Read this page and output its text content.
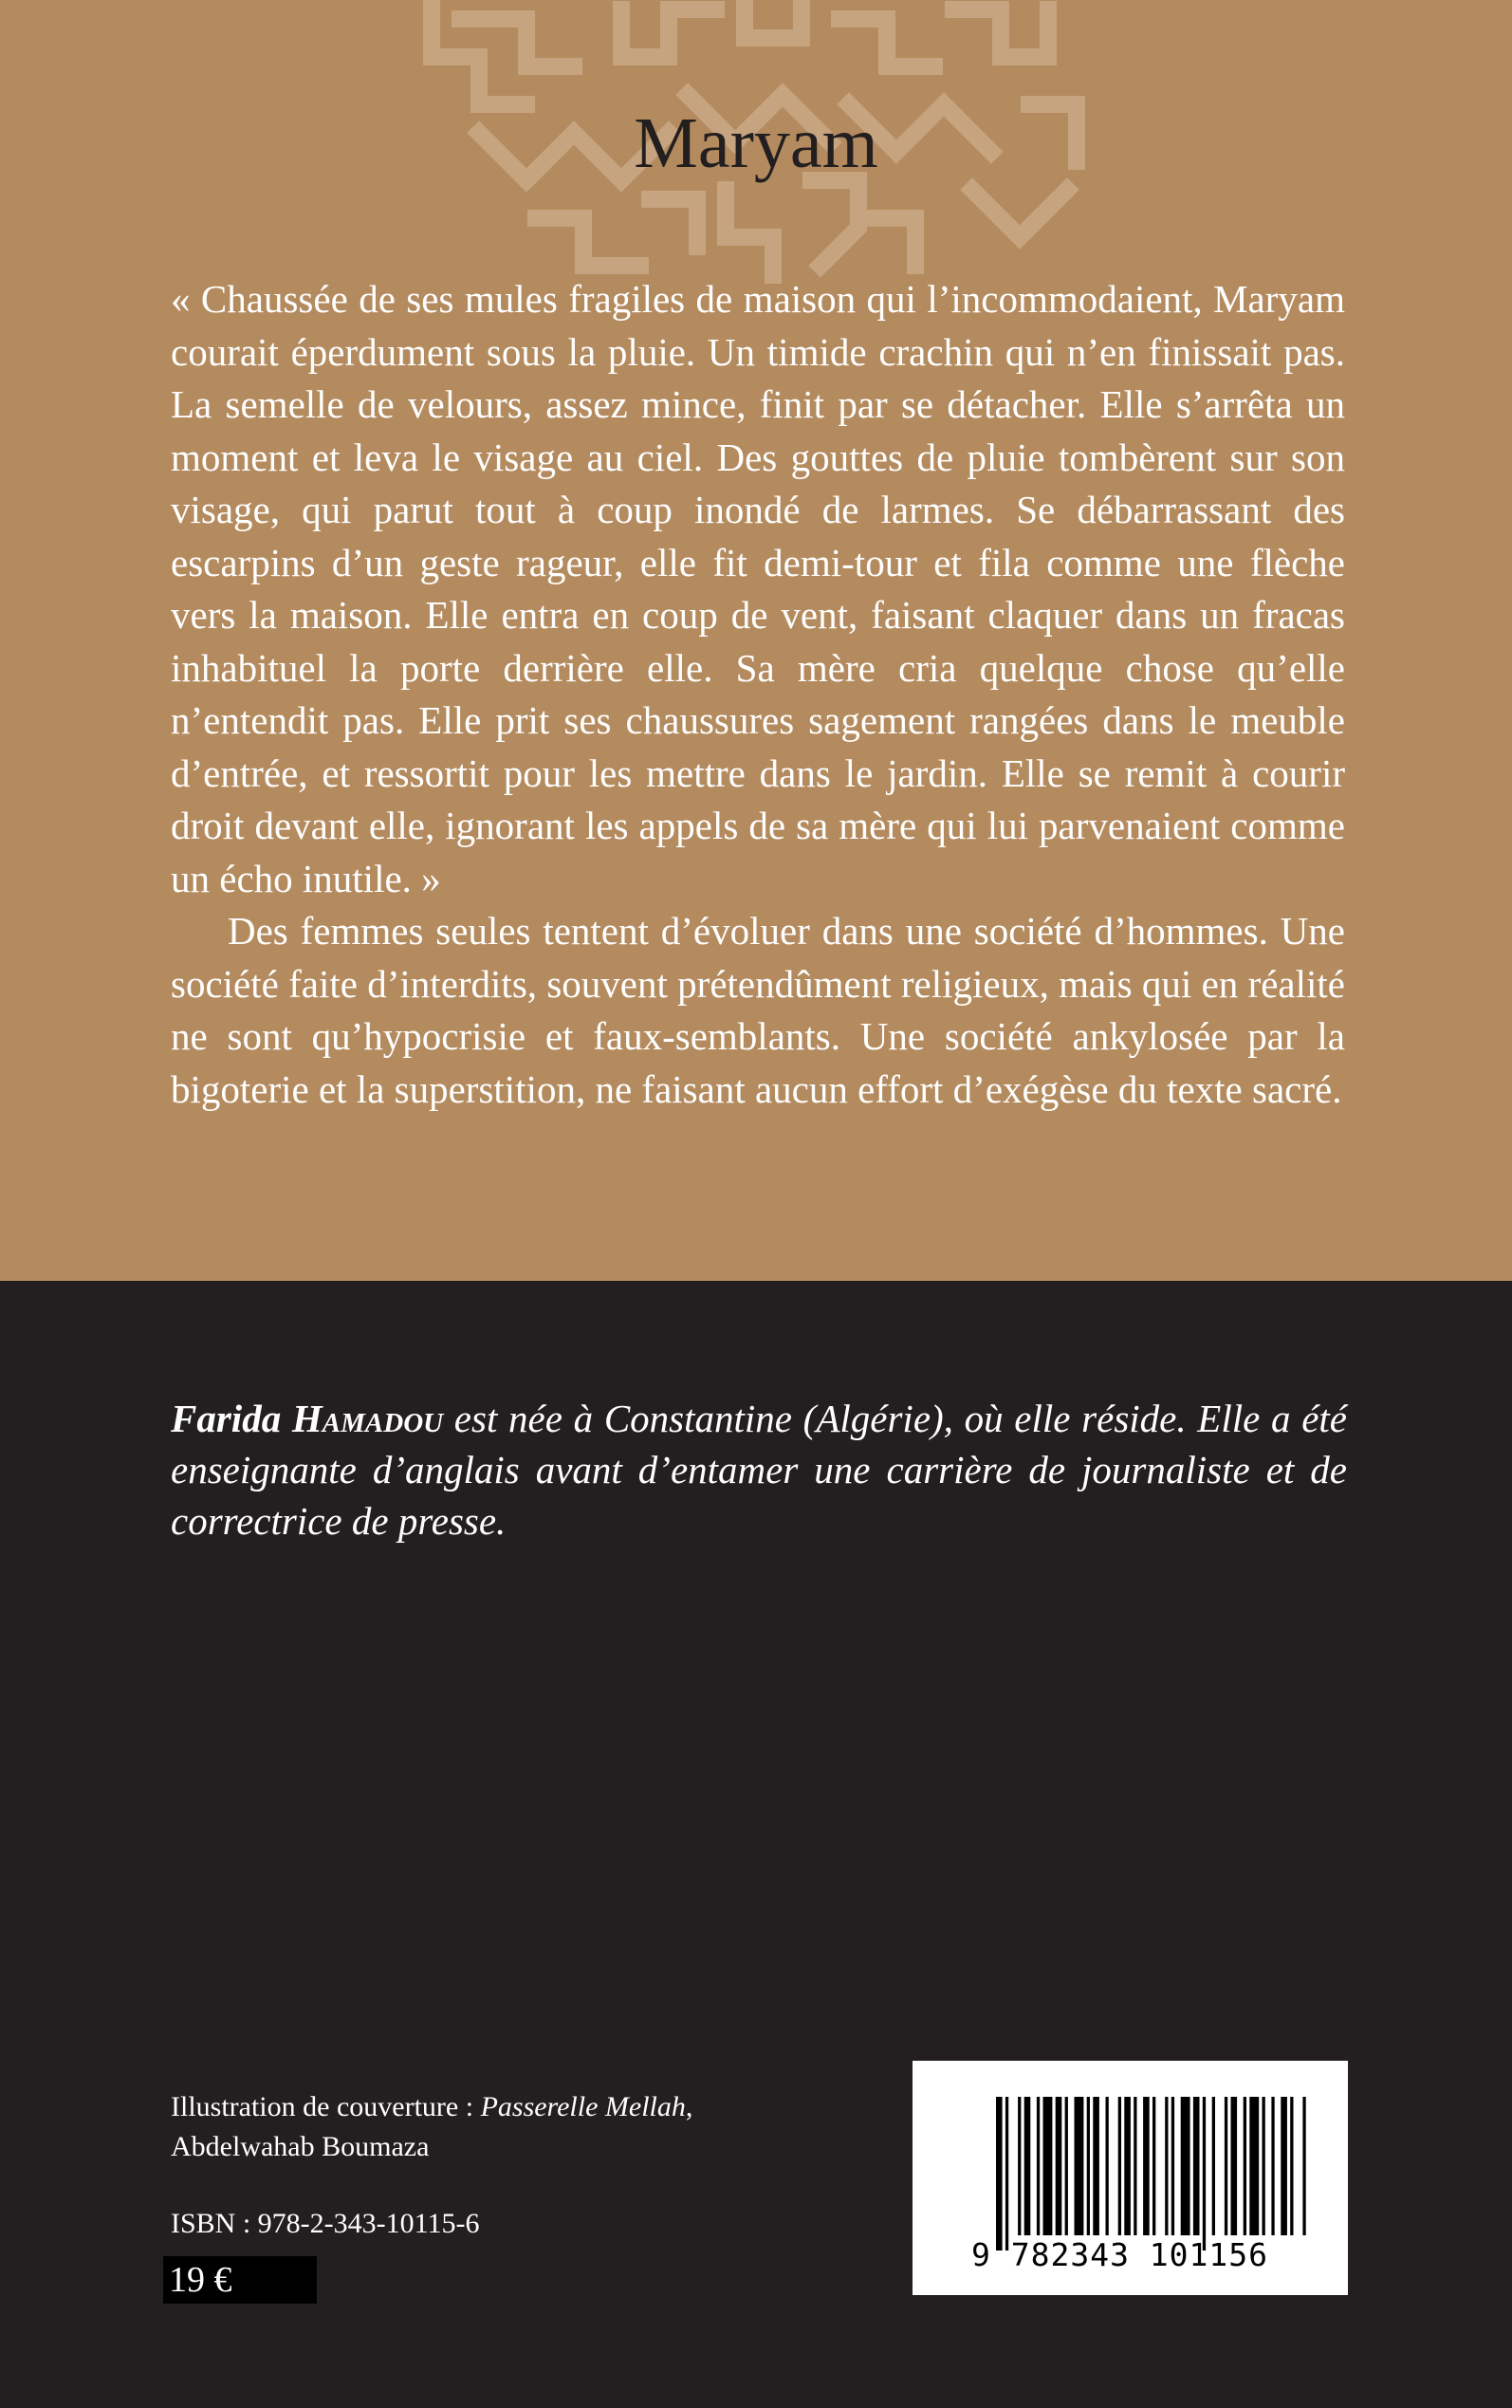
Maryam

« Chaussée de ses mules fragiles de maison qui l’incommodaient, Maryam courait éperdument sous la pluie. Un timide crachin qui n’en finissait pas. La semelle de velours, assez mince, finit par se détacher. Elle s’arrêta un moment et leva le visage au ciel. Des gouttes de pluie tombèrent sur son visage, qui parut tout à coup inondé de larmes. Se débarrassant des escarpins d’un geste rageur, elle fit demi-tour et fila comme une flèche vers la maison. Elle entra en coup de vent, faisant claquer dans un fracas inhabituel la porte derrière elle. Sa mère cria quelque chose qu’elle n’entendit pas. Elle prit ses chaussures sagement rangées dans le meuble d’entrée, et ressortit pour les mettre dans le jardin. Elle se remit à courir droit devant elle, ignorant les appels de sa mère qui lui parvenaient comme un écho inutile. »

Des femmes seules tentent d’évoluer dans une société d’hommes. Une société faite d’interdits, souvent prétendûment religieux, mais qui en réalité ne sont qu’hypocrisie et faux-semblants. Une société ankylosée par la bigoterie et la superstition, ne faisant aucun effort d’exégèse du texte sacré.

Farida Hamadou est née à Constantine (Algérie), où elle réside. Elle a été enseignante d’anglais avant d’entamer une carrière de journaliste et de correctrice de presse.
Illustration de couverture : Passerelle Mellah,
Abdelwahab Boumaza
ISBN : 978-2-343-10115-6
19 €
9 782343 101156
